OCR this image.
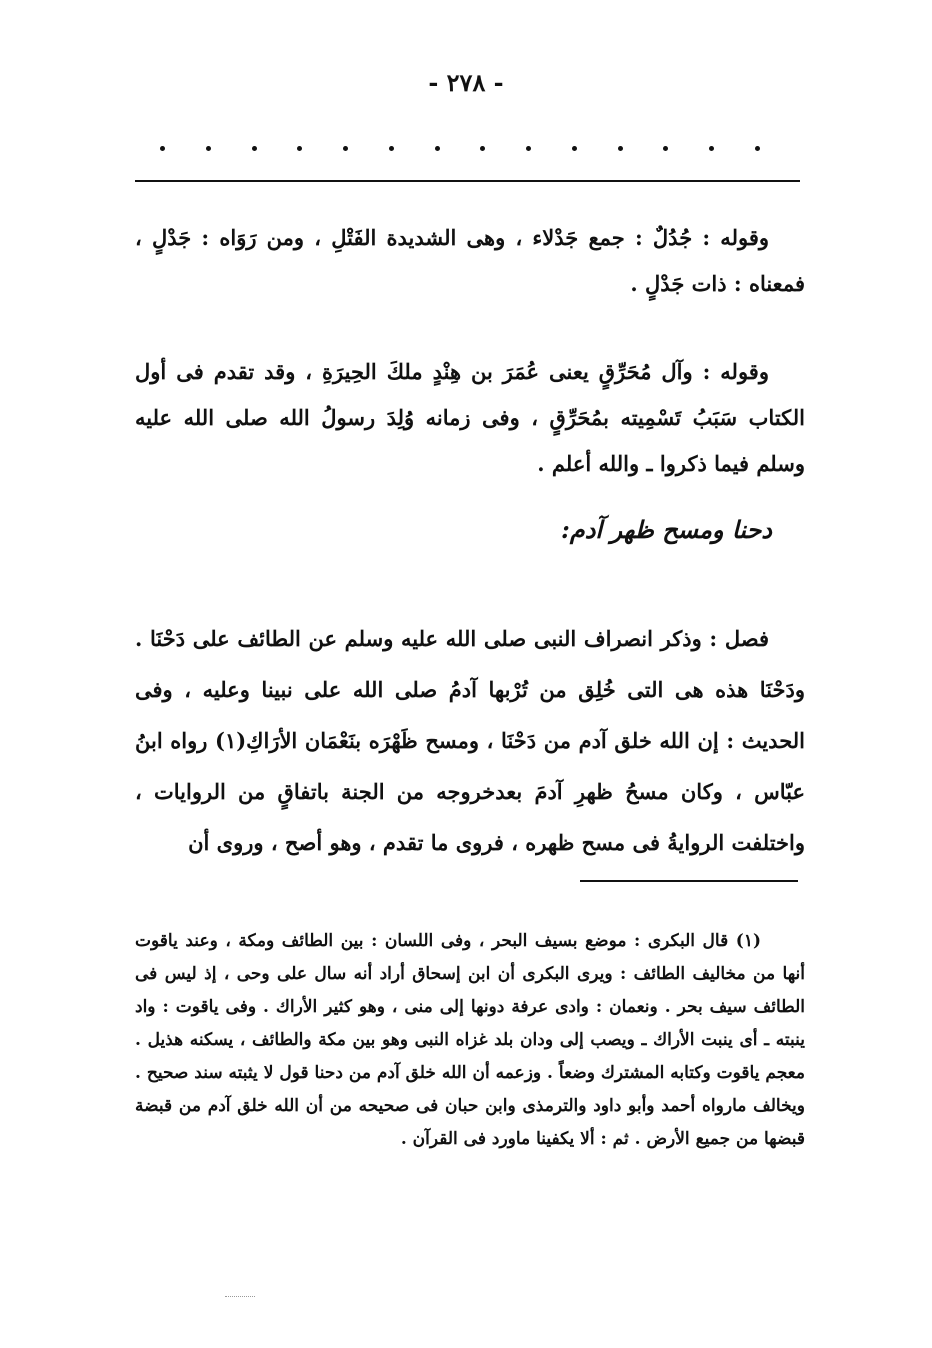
- ٢٧٨ -

وقوله : جُدُلٌ : جمع جَدْلاء ، وهى الشديدة الفَتْلِ ، ومن رَوَاه : جَدْلٍ ، فمعناه : ذات جَدْلٍ .

وقوله : وآل مُحَرِّقٍ يعنى عُمَرَ بن هِنْدٍ ملكَ الحِيرَةِ ، وقد تقدم فى أول الكتاب سَبَبُ تَسْمِيته بمُحَرِّقٍ ، وفى زمانه وُلِدَ رسولُ الله صلى الله عليه وسلم فيما ذكروا ـ والله أعلم .

دحنا ومسح ظهر آدم:

فصل : وذكر انصراف النبى صلى الله عليه وسلم عن الطائف على دَحْنَا . ودَحْنَا هذه هى التى خُلِق من تُرْبها آدمُ صلى الله على نبينا وعليه ، وفى الحديث : إن الله خلق آدم من دَحْنَا ، ومسح ظَهْرَه بنَعْمَان الأرَاكِ(١) رواه ابنُ عبّاس ، وكان مسحُ ظهرِ آدمَ بعدخروجه من الجنة باتفاقٍ من الروايات ، واختلفت الروايةُ فى مسح ظهره ، فروى ما تقدم ، وهو أصح ، وروى أن

(١) قال البكرى : موضع بسيف البحر ، وفى اللسان : بين الطائف ومكة ، وعند ياقوت أنها من مخاليف الطائف : ويرى البكرى أن ابن إسحاق أراد أنه سال على وحى ، إذ ليس فى الطائف سيف بحر . ونعمان : وادى عرفة دونها إلى منى ، وهو كثير الأراك . وفى ياقوت : واد ينبته ـ أى ينبت الأراك ـ ويصب إلى ودان بلد غزاه النبى وهو بين مكة والطائف ، يسكنه هذيل . معجم ياقوت وكتابه المشترك وضعاً . وزعمه أن الله خلق آدم من دحنا قول لا يثبته سند صحيح . ويخالف مارواه أحمد وأبو داود والترمذى وابن حبان فى صحيحه من أن الله خلق آدم من قبضة قبضها من جميع الأرض . ثم : ألا يكفينا ماورد فى القرآن .
